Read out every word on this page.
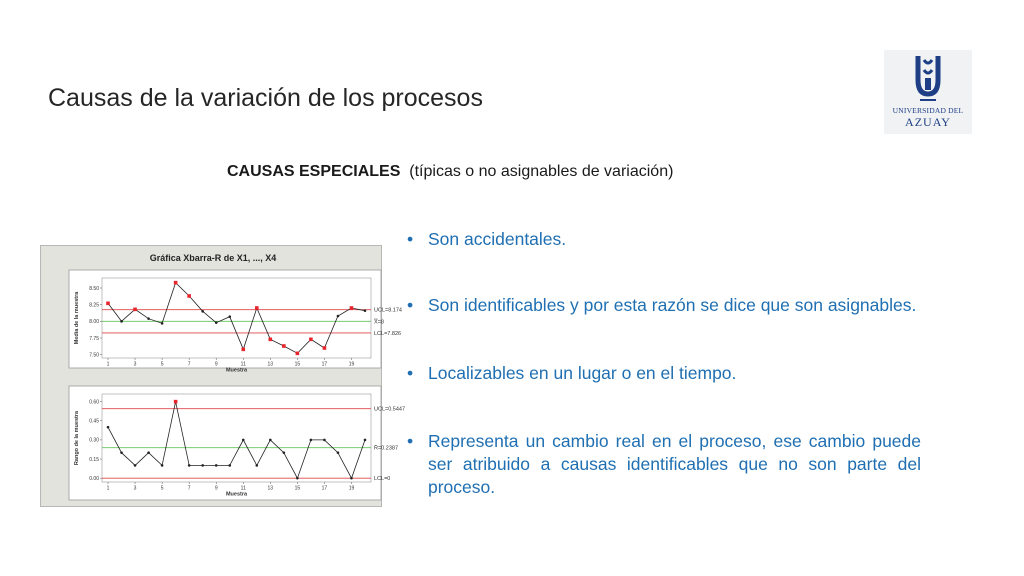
Causas de la variación de los procesos	UNIVERSIDAD DEL
AZUAY
CAUSAS ESPECIALES (típicas o no asignables de variación)
• Son accidentales.
• Son identificables y por esta razón se dice que son asignables.
• Localizables en un lugar o en el tiempo.
• Representa un cambio real en el proceso, ese cambio puede ser atribuido a causas identificables que no son parte del proceso.
Gráfica Xbarra-R de X1, ..., X4
UCL=8.174
X̿=8
LCL=7.826
7.50
7.75
8.00
8.25
8.50
1	3	5	7	9	11	13	15	17	19
Muestra
Media de la muestra
UCL=0.5447
R̄=0.2387
LCL=0
0.00
0.15
0.30
0.45
0.60
1	3	5	7	9	11	13	15	17	19
Muestra
Rango de la muestra
